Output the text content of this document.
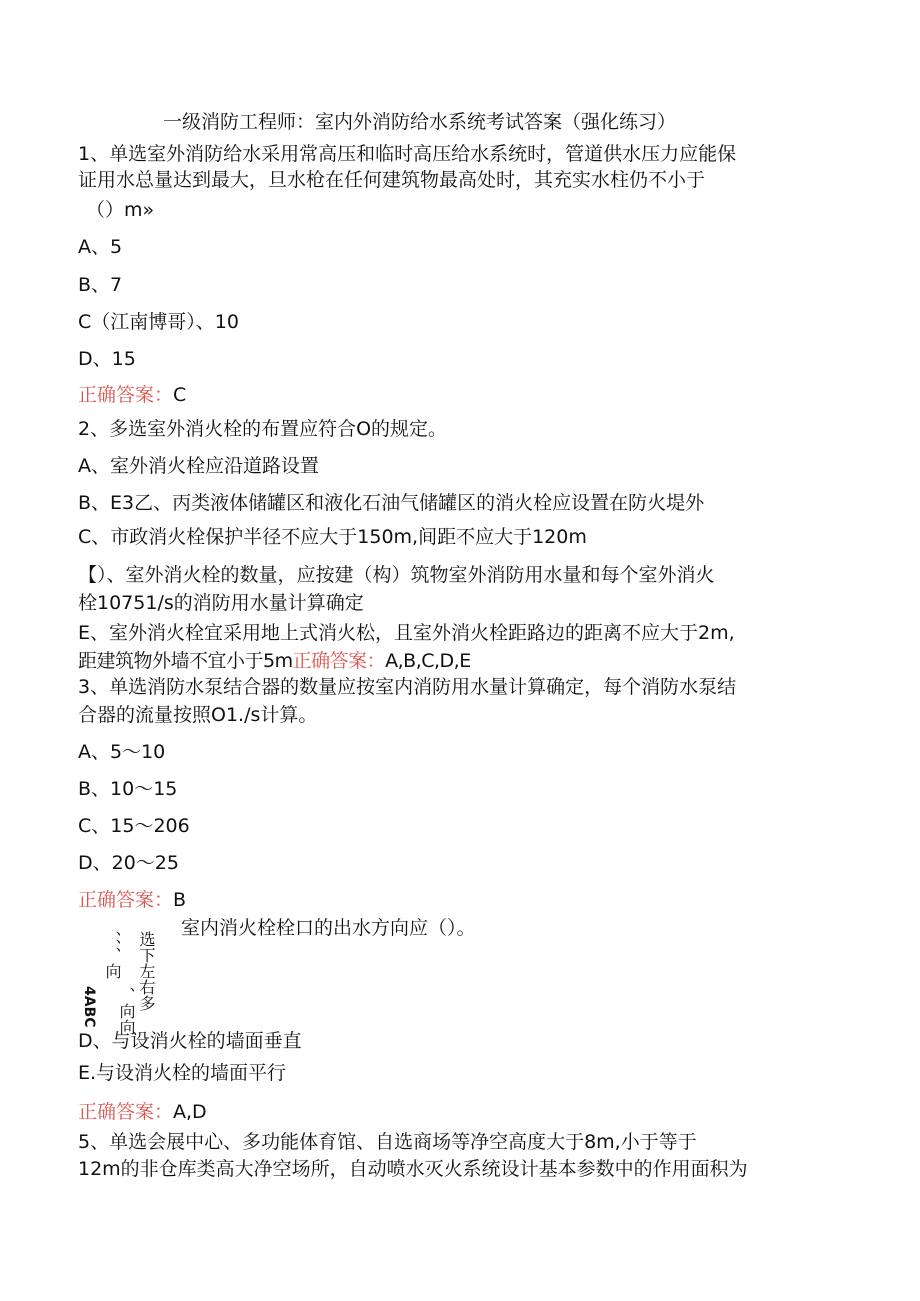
一级消防工程师：室内外消防给水系统考试答案（强化练习）
1、单选室外消防给水采用常高压和临时高压给水系统时，管道供水压力应能保
证用水总量达到最大，旦水枪在任何建筑物最高处时，其充实水柱仍不小于
（）m»
A、5
B、7
C（江南博哥）、10
D、15
正确答案：C
2、多选室外消火栓的布置应符合O的规定。
A、室外消火栓应沿道路设置
B、E3乙、丙类液体储罐区和液化石油气储罐区的消火栓应设置在防火堤外
C、市政消火栓保护半径不应大于150m,间距不应大于120m
【）、室外消火栓的数量，应按建（构）筑物室外消防用水量和每个室外消火
栓10751∕s的消防用水量计算确定
E、室外消火栓宜采用地上式消火松，且室外消火栓距路边的距离不应大于2m,
距建筑物外墙不宜小于5m正确答案：A,B,C,D,E
3、单选消防水泵结合器的数量应按室内消防用水量计算确定，每个消防水泵结
合器的流量按照O1./s计算。
A、5～10
B、10～15
C、15～206
D、20～25
正确答案：B
室内消火栓栓口的出水方向应（）。
4ABC
、、、向
、向向 选下左右多
D、与设消火栓的墙面垂直
E.与设消火栓的墙面平行
正确答案：A,D
5、单选会展中心、多功能体育馆、自选商场等净空高度大于8m,小于等于
12m的非仓库类高大净空场所，自动喷水灭火系统设计基本参数中的作用面积为
